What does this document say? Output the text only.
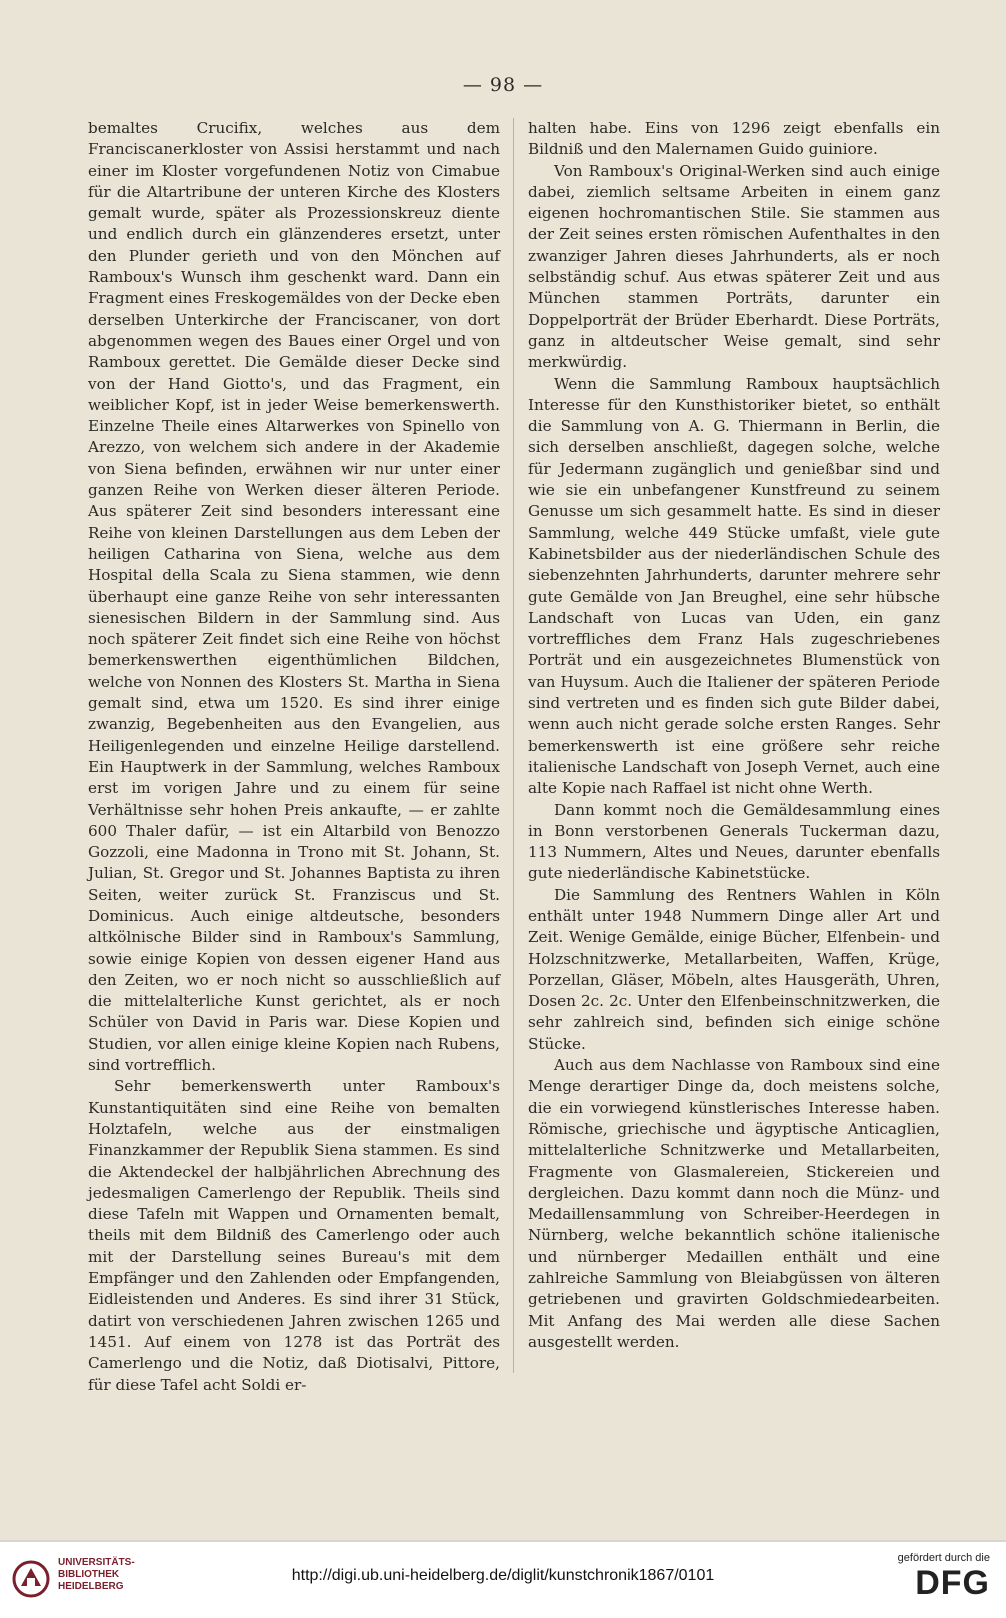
— 98 —

bemaltes Crucifix, welches aus dem Franciscanerkloster von Assisi herstammt und nach einer im Kloster vorgefundenen Notiz von Cimabue für die Altartribune der unteren Kirche des Klosters gemalt wurde, später als Prozessionskreuz diente und endlich durch ein glänzenderes ersetzt, unter den Plunder gerieth und von den Mönchen auf Ramboux's Wunsch ihm geschenkt ward. Dann ein Fragment eines Freskogemäldes von der Decke eben derselben Unterkirche der Franciscaner, von dort abgenommen wegen des Baues einer Orgel und von Ramboux gerettet. Die Gemälde dieser Decke sind von der Hand Giotto's, und das Fragment, ein weiblicher Kopf, ist in jeder Weise bemerkenswerth. Einzelne Theile eines Altarwerkes von Spinello von Arezzo, von welchem sich andere in der Akademie von Siena befinden, erwähnen wir nur unter einer ganzen Reihe von Werken dieser älteren Periode. Aus späterer Zeit sind besonders interessant eine Reihe von kleinen Darstellungen aus dem Leben der heiligen Catharina von Siena, welche aus dem Hospital della Scala zu Siena stammen, wie denn überhaupt eine ganze Reihe von sehr interessanten sienesischen Bildern in der Sammlung sind. Aus noch späterer Zeit findet sich eine Reihe von höchst bemerkenswerthen eigenthümlichen Bildchen, welche von Nonnen des Klosters St. Martha in Siena gemalt sind, etwa um 1520. Es sind ihrer einige zwanzig, Begebenheiten aus den Evangelien, aus Heiligenlegenden und einzelne Heilige darstellend. Ein Hauptwerk in der Sammlung, welches Ramboux erst im vorigen Jahre und zu einem für seine Verhältnisse sehr hohen Preis ankaufte, — er zahlte 600 Thaler dafür, — ist ein Altarbild von Benozzo Gozzoli, eine Madonna in Trono mit St. Johann, St. Julian, St. Gregor und St. Johannes Baptista zu ihren Seiten, weiter zurück St. Franziscus und St. Dominicus. Auch einige altdeutsche, besonders altkölnische Bilder sind in Ramboux's Sammlung, sowie einige Kopien von dessen eigener Hand aus den Zeiten, wo er noch nicht so ausschließlich auf die mittelalterliche Kunst gerichtet, als er noch Schüler von David in Paris war. Diese Kopien und Studien, vor allen einige kleine Kopien nach Rubens, sind vortrefflich.

Sehr bemerkenswerth unter Ramboux's Kunstantiquitäten sind eine Reihe von bemalten Holztafeln, welche aus der einstmaligen Finanzkammer der Republik Siena stammen. Es sind die Aktendeckel der halbjährlichen Abrechnung des jedesmaligen Camerlengo der Republik. Theils sind diese Tafeln mit Wappen und Ornamenten bemalt, theils mit dem Bildniß des Camerlengo oder auch mit der Darstellung seines Bureau's mit dem Empfänger und den Zahlenden oder Empfangenden, Eidleistenden und Anderes. Es sind ihrer 31 Stück, datirt von verschiedenen Jahren zwischen 1265 und 1451. Auf einem von 1278 ist das Porträt des Camerlengo und die Notiz, daß Diotisalvi, Pittore, für diese Tafel acht Soldi er-

halten habe. Eins von 1296 zeigt ebenfalls ein Bildniß und den Malernamen Guido guiniore.

Von Ramboux's Original-Werken sind auch einige dabei, ziemlich seltsame Arbeiten in einem ganz eigenen hochromantischen Stile. Sie stammen aus der Zeit seines ersten römischen Aufenthaltes in den zwanziger Jahren dieses Jahrhunderts, als er noch selbständig schuf. Aus etwas späterer Zeit und aus München stammen Porträts, darunter ein Doppelporträt der Brüder Eberhardt. Diese Porträts, ganz in altdeutscher Weise gemalt, sind sehr merkwürdig.

Wenn die Sammlung Ramboux hauptsächlich Interesse für den Kunsthistoriker bietet, so enthält die Sammlung von A. G. Thiermann in Berlin, die sich derselben anschließt, dagegen solche, welche für Jedermann zugänglich und genießbar sind und wie sie ein unbefangener Kunstfreund zu seinem Genusse um sich gesammelt hatte. Es sind in dieser Sammlung, welche 449 Stücke umfaßt, viele gute Kabinetsbilder aus der niederländischen Schule des siebenzehnten Jahrhunderts, darunter mehrere sehr gute Gemälde von Jan Breughel, eine sehr hübsche Landschaft von Lucas van Uden, ein ganz vortreffliches dem Franz Hals zugeschriebenes Porträt und ein ausgezeichnetes Blumenstück von van Huysum. Auch die Italiener der späteren Periode sind vertreten und es finden sich gute Bilder dabei, wenn auch nicht gerade solche ersten Ranges. Sehr bemerkenswerth ist eine größere sehr reiche italienische Landschaft von Joseph Vernet, auch eine alte Kopie nach Raffael ist nicht ohne Werth.

Dann kommt noch die Gemäldesammlung eines in Bonn verstorbenen Generals Tuckerman dazu, 113 Nummern, Altes und Neues, darunter ebenfalls gute niederländische Kabinetstücke.

Die Sammlung des Rentners Wahlen in Köln enthält unter 1948 Nummern Dinge aller Art und Zeit. Wenige Gemälde, einige Bücher, Elfenbein- und Holzschnitzwerke, Metallarbeiten, Waffen, Krüge, Porzellan, Gläser, Möbeln, altes Hausgeräth, Uhren, Dosen 2c. 2c. Unter den Elfenbeinschnitzwerken, die sehr zahlreich sind, befinden sich einige schöne Stücke.

Auch aus dem Nachlasse von Ramboux sind eine Menge derartiger Dinge da, doch meistens solche, die ein vorwiegend künstlerisches Interesse haben. Römische, griechische und ägyptische Anticaglien, mittelalterliche Schnitzwerke und Metallarbeiten, Fragmente von Glasmalereien, Stickereien und dergleichen. Dazu kommt dann noch die Münz- und Medaillensammlung von Schreiber-Heerdegen in Nürnberg, welche bekanntlich schöne italienische und nürnberger Medaillen enthält und eine zahlreiche Sammlung von Bleiabgüssen von älteren getriebenen und gravirten Goldschmiedearbeiten. Mit Anfang des Mai werden alle diese Sachen ausgestellt werden.

UNIVERSITÄTS-
BIBLIOTHEK
HEIDELBERG
http://digi.ub.uni-heidelberg.de/diglit/kunstchronik1867/0101
gefördert durch die
DFG
